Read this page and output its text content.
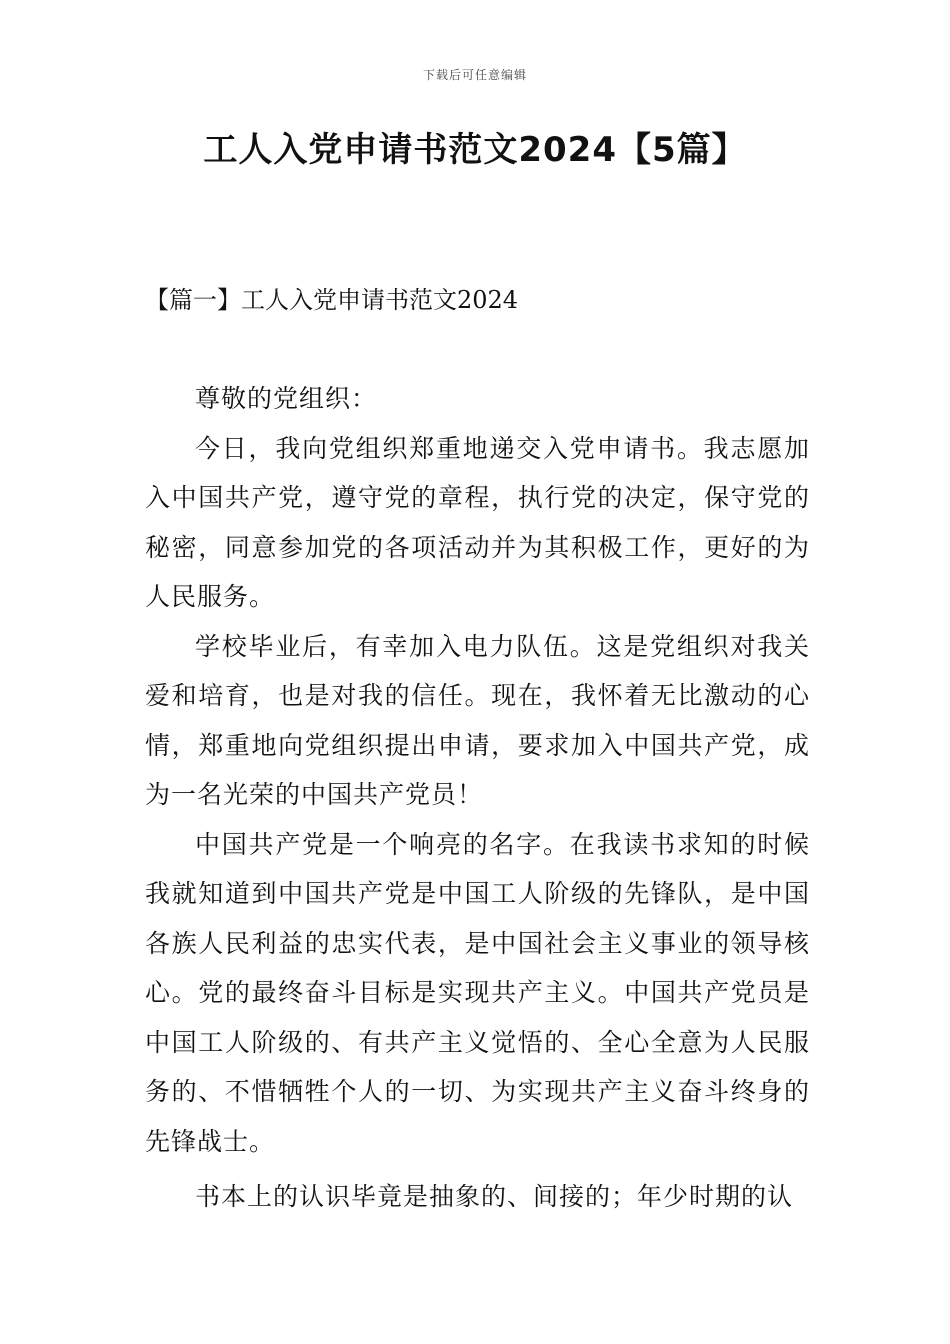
下载后可任意编辑
工人入党申请书范文2024【5篇】
【篇一】工人入党申请书范文2024

尊敬的党组织：

今日，我向党组织郑重地递交入党申请书。我志愿加入中国共产党，遵守党的章程，执行党的决定，保守党的秘密，同意参加党的各项活动并为其积极工作，更好的为人民服务。

学校毕业后，有幸加入电力队伍。这是党组织对我关爱和培育，也是对我的信任。现在，我怀着无比激动的心情，郑重地向党组织提出申请，要求加入中国共产党，成为一名光荣的中国共产党员！

中国共产党是一个响亮的名字。在我读书求知的时候我就知道到中国共产党是中国工人阶级的先锋队，是中国各族人民利益的忠实代表，是中国社会主义事业的领导核心。党的最终奋斗目标是实现共产主义。中国共产党员是中国工人阶级的、有共产主义觉悟的、全心全意为人民服务的、不惜牺牲个人的一切、为实现共产主义奋斗终身的先锋战士。

书本上的认识毕竟是抽象的、间接的；年少时期的认
